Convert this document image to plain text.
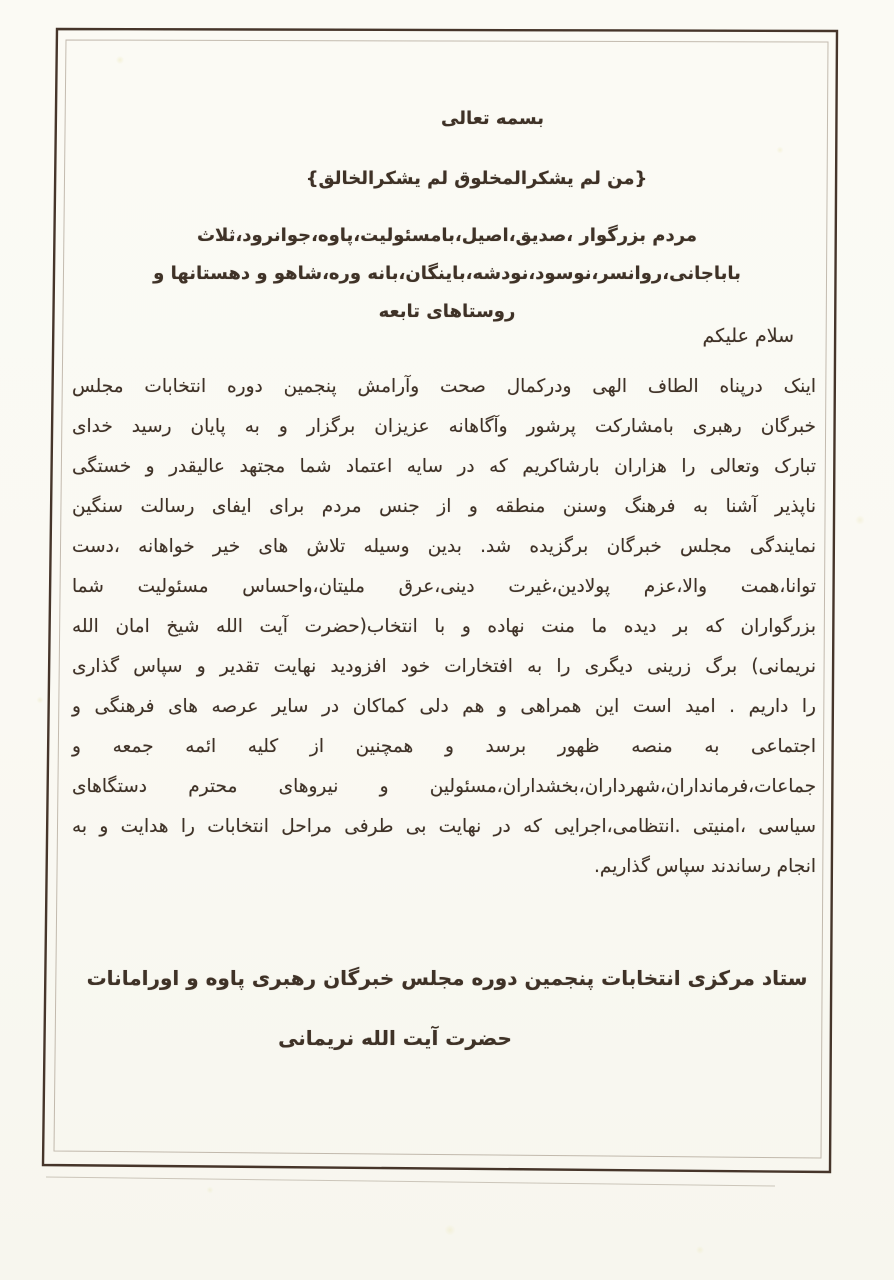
بسمه تعالی
{من لم یشکرالمخلوق لم یشکرالخالق}
مردم بزرگوار ،صدیق،اصیل،بامسئولیت،پاوه،جوانرود،ثلاث
باباجانی،روانسر،نوسود،نودشه،باینگان،بانه وره،شاهو و دهستانها و
روستاهای تابعه
سلام علیکم
اینک درپناه الطاف الهی ودرکمال صحت وآرامش پنجمین دوره انتخابات مجلس
خبرگان رهبری بامشارکت پرشور وآگاهانه عزیزان برگزار و به پایان رسید خدای
تبارک وتعالی را هزاران بارشاکریم که در سایه اعتماد شما مجتهد عالیقدر و خستگی
ناپذیر آشنا به فرهنگ وسنن منطقه و از جنس مردم برای ایفای رسالت سنگین
نمایندگی مجلس خبرگان برگزیده شد. بدین وسیله تلاش های خیر خواهانه ،دست
توانا،همت والا،عزم پولادین،غیرت دینی،عرق ملیتان،واحساس مسئولیت شما
بزرگواران که بر دیده ما منت نهاده و با انتخاب(حضرت آیت الله شیخ امان الله
نریمانی) برگ زرینی دیگری را به افتخارات خود افزودید نهایت تقدیر و سپاس گذاری
را داریم . امید است این همراهی و هم دلی کماکان در سایر عرصه های فرهنگی و
اجتماعی به منصه ظهور برسد و همچنین از کلیه ائمه جمعه و
جماعات،فرمانداران،شهرداران،بخشداران،مسئولین و نیروهای محترم دستگاهای
سیاسی ،امنیتی .انتظامی،اجرایی که در نهایت بی طرفی مراحل انتخابات را هدایت و به
انجام رساندند سپاس گذاریم.
ستاد مرکزی انتخابات پنجمین دوره مجلس خبرگان رهبری پاوه و اورامانات
حضرت آیت الله نریمانی
